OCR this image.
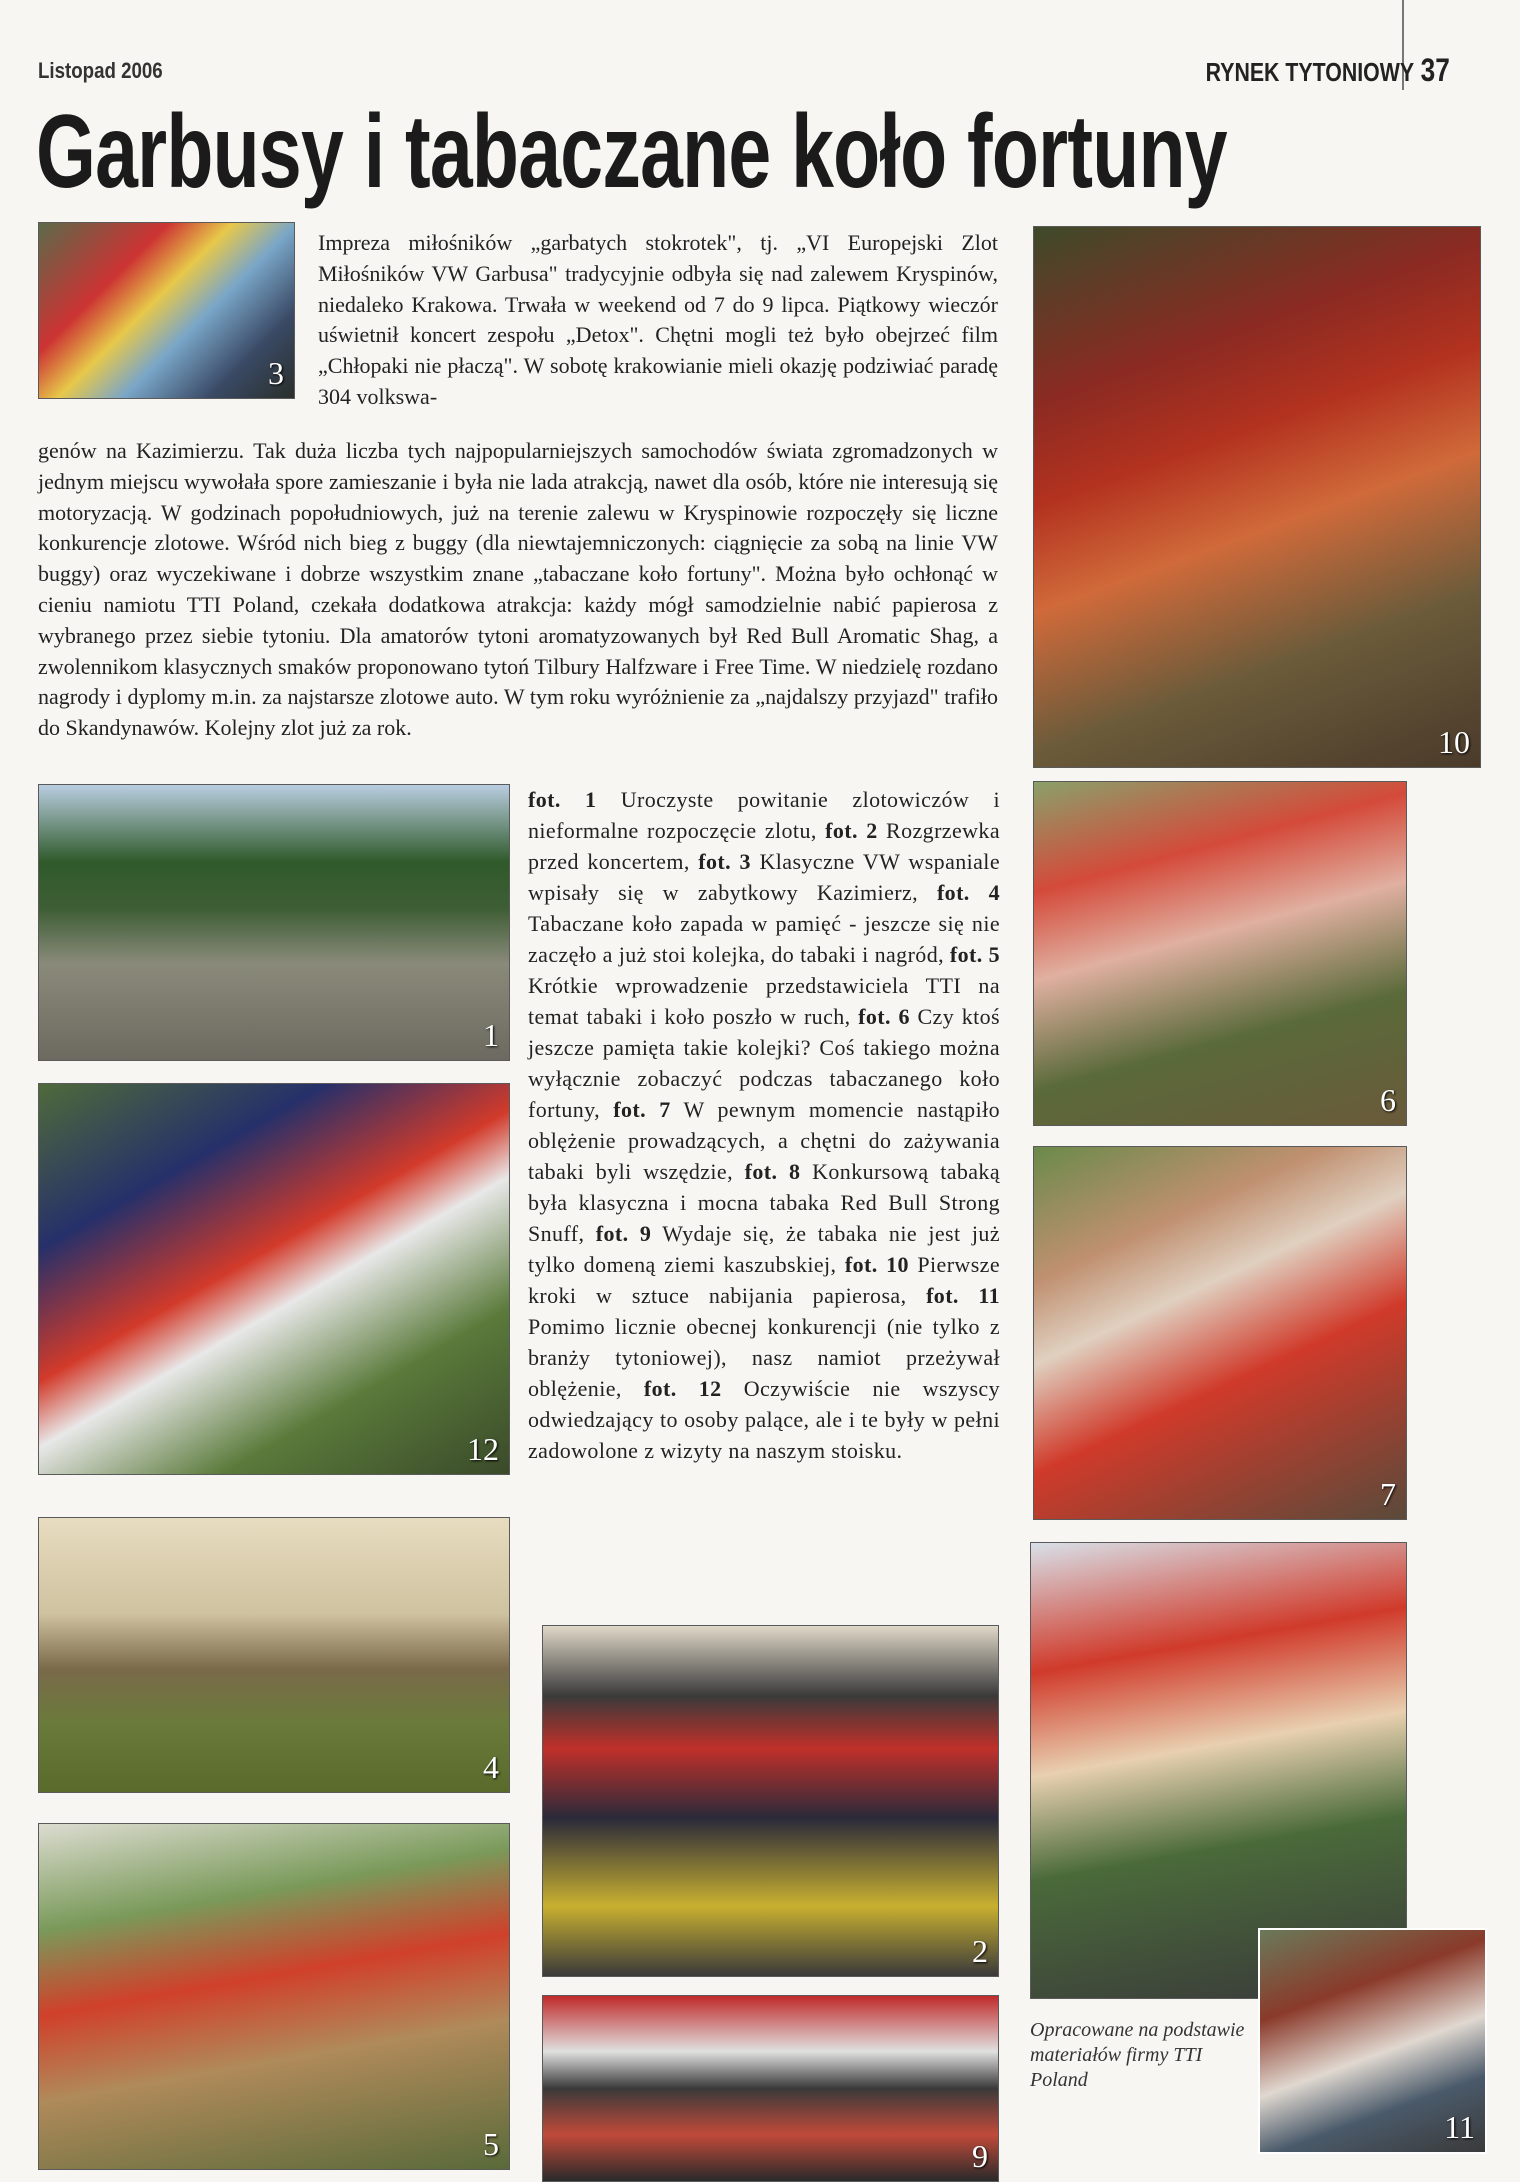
Listopad 2006	RYNEK TYTONIOWY 37
Garbusy i tabaczane koło fortuny
3
10
1
12
4
5
6
7
2
9
11
Impreza miłośników „garbatych stokrotek", tj. „VI Europejski Zlot Miłośników VW Garbusa" tradycyjnie odbyła się nad zalewem Kryspinów, niedaleko Krakowa. Trwała w weekend od 7 do 9 lipca. Piątkowy wieczór uświetnił koncert zespołu „Detox". Chętni mogli też było obejrzeć film „Chłopaki nie płaczą". W sobotę krakowianie mieli okazję podziwiać paradę 304 volkswa-
genów na Kazimierzu. Tak duża liczba tych najpopularniejszych samochodów świata zgromadzonych w jednym miejscu wywołała spore zamieszanie i była nie lada atrakcją, nawet dla osób, które nie interesują się motoryzacją. W godzinach popołudniowych, już na terenie zalewu w Kryspinowie rozpoczęły się liczne konkurencje zlotowe. Wśród nich bieg z buggy (dla niewtajemniczonych: ciągnięcie za sobą na linie VW buggy) oraz wyczekiwane i dobrze wszystkim znane „tabaczane koło fortuny". Można było ochłonąć w cieniu namiotu TTI Poland, czekała dodatkowa atrakcja: każdy mógł samodzielnie nabić papierosa z wybranego przez siebie tytoniu. Dla amatorów tytoni aromatyzowanych był Red Bull Aromatic Shag, a zwolennikom klasycznych smaków proponowano tytoń Tilbury Halfzware i Free Time. W niedzielę rozdano nagrody i dyplomy m.in. za najstarsze zlotowe auto. W tym roku wyróżnienie za „najdalszy przyjazd" trafiło do Skandynawów. Kolejny zlot już za rok.
fot. 1 Uroczyste powitanie zlotowiczów i nieformalne rozpoczęcie zlotu, fot. 2 Rozgrzewka przed koncertem, fot. 3 Klasyczne VW wspaniale wpisały się w zabytkowy Kazimierz, fot. 4 Tabaczane koło zapada w pamięć - jeszcze się nie zaczęło a już stoi kolejka, do tabaki i nagród, fot. 5 Krótkie wprowadzenie przedstawiciela TTI na temat tabaki i koło poszło w ruch, fot. 6 Czy ktoś jeszcze pamięta takie kolejki? Coś takiego można wyłącznie zobaczyć podczas tabaczanego koło fortuny, fot. 7 W pewnym momencie nastąpiło oblężenie prowadzących, a chętni do zażywania tabaki byli wszędzie, fot. 8 Konkursową tabaką była klasyczna i mocna tabaka Red Bull Strong Snuff, fot. 9 Wydaje się, że tabaka nie jest już tylko domeną ziemi kaszubskiej, fot. 10 Pierwsze kroki w sztuce nabijania papierosa, fot. 11 Pomimo licznie obecnej konkurencji (nie tylko z branży tytoniowej), nasz namiot przeżywał oblężenie, fot. 12 Oczywiście nie wszyscy odwiedzający to osoby palące, ale i te były w pełni zadowolone z wizyty na naszym stoisku.
Opracowane na podstawie materiałów firmy TTI Poland
